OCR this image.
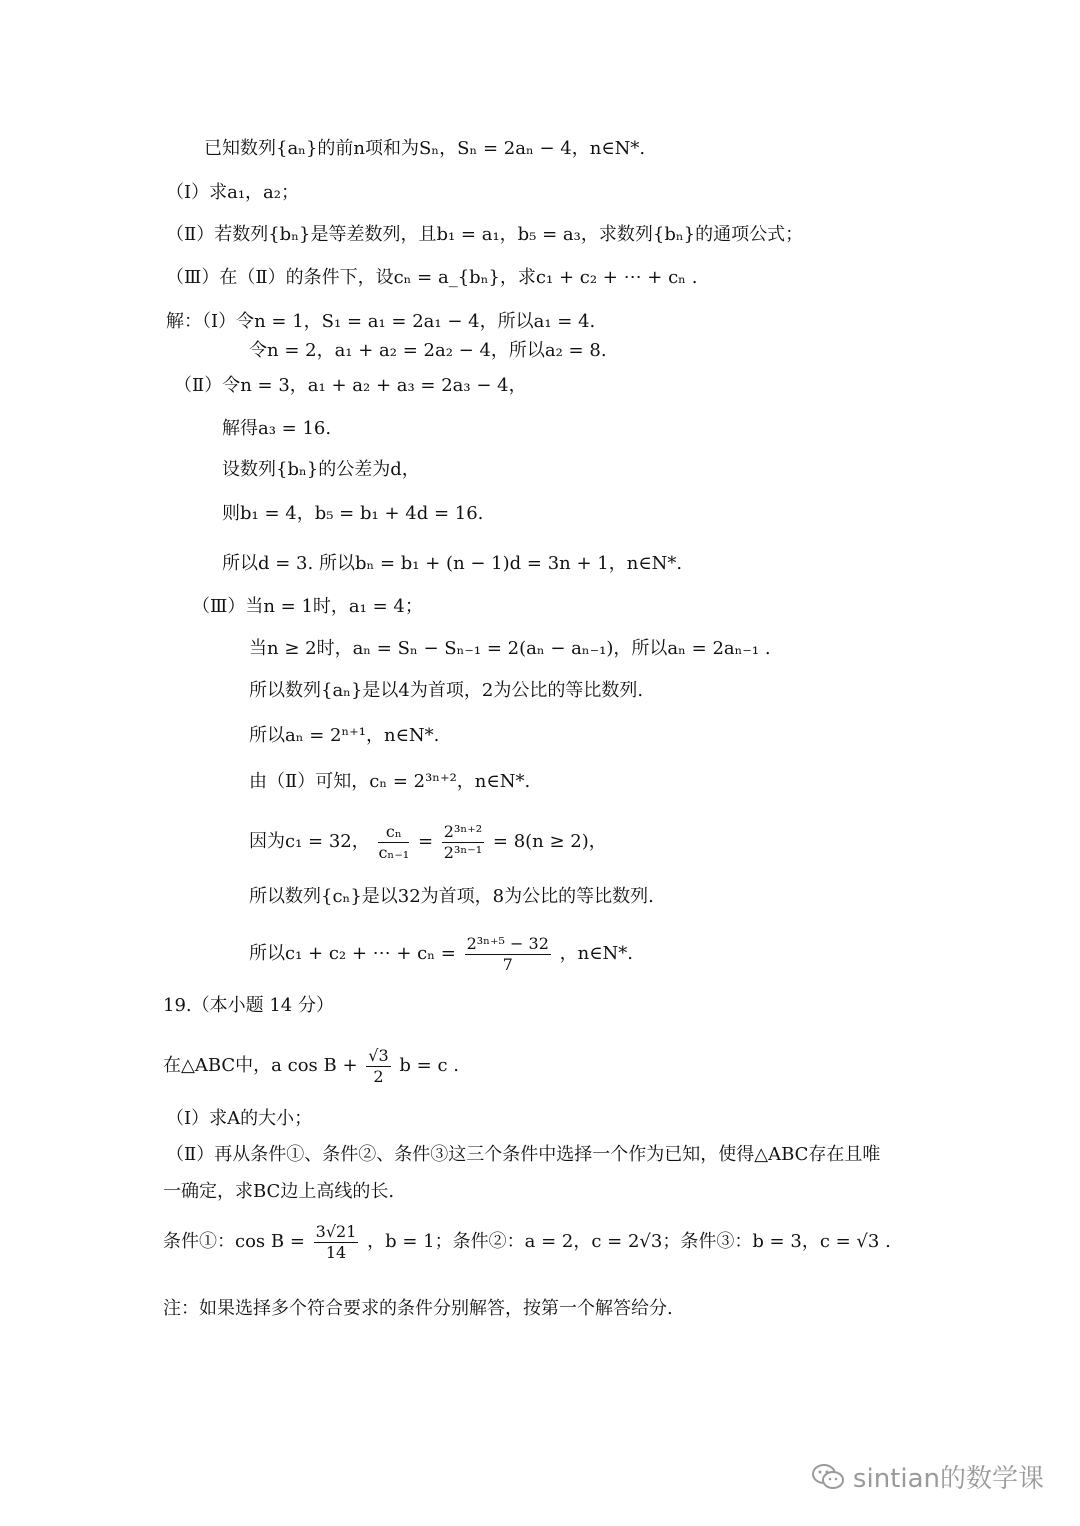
已知数列{aₙ}的前n项和为Sₙ，Sₙ = 2aₙ − 4，n∈N*.
（Ⅰ）求a₁，a₂；
（Ⅱ）若数列{bₙ}是等差数列，且b₁ = a₁，b₅ = a₃，求数列{bₙ}的通项公式；
（Ⅲ）在（Ⅱ）的条件下，设cₙ = a_{bₙ}，求c₁ + c₂ + ⋯ + cₙ .
解：（Ⅰ）令n = 1，S₁ = a₁ = 2a₁ − 4，所以a₁ = 4.
令n = 2，a₁ + a₂ = 2a₂ − 4，所以a₂ = 8.
（Ⅱ）令n = 3，a₁ + a₂ + a₃ = 2a₃ − 4，
解得a₃ = 16.
设数列{bₙ}的公差为d，
则b₁ = 4，b₅ = b₁ + 4d = 16.
所以d = 3. 所以bₙ = b₁ + (n − 1)d = 3n + 1，n∈N*.
（Ⅲ）当n = 1时，a₁ = 4；
当n ≥ 2时，aₙ = Sₙ − Sₙ₋₁ = 2(aₙ − aₙ₋₁)，所以aₙ = 2aₙ₋₁ .
所以数列{aₙ}是以4为首项，2为公比的等比数列.
所以aₙ = 2ⁿ⁺¹，n∈N*.
由（Ⅱ）可知，cₙ = 2³ⁿ⁺²，n∈N*.
因为c₁ = 32， $\frac{\text{cₙ}}{\text{cₙ₋₁}} = \frac{\text{2³ⁿ⁺²}}{\text{2³ⁿ⁻¹}} = 8(n \ge 2)$，
所以数列{cₙ}是以32为首项，8为公比的等比数列.
所以c₁ + c₂ + ⋯ + $c_n = \frac{\text{2³ⁿ⁺⁵ − 32}}{7}$ ，n∈N*.
19.（本小题 14 分）
在△ABC中，a $\cos B + \frac{√3}{2}$ b = c .
（Ⅰ）求A的大小；
（Ⅱ）再从条件①、条件②、条件③这三个条件中选择一个作为已知，使得△ABC存在且唯
一确定，求BC边上高线的长.
条件①：$\cos B = \frac{3√21}{14}$ ，b = 1；条件②：a = 2，c = 2√3；条件③：b = 3，c = √3 .
注：如果选择多个符合要求的条件分别解答，按第一个解答给分.
sintian的数学课
